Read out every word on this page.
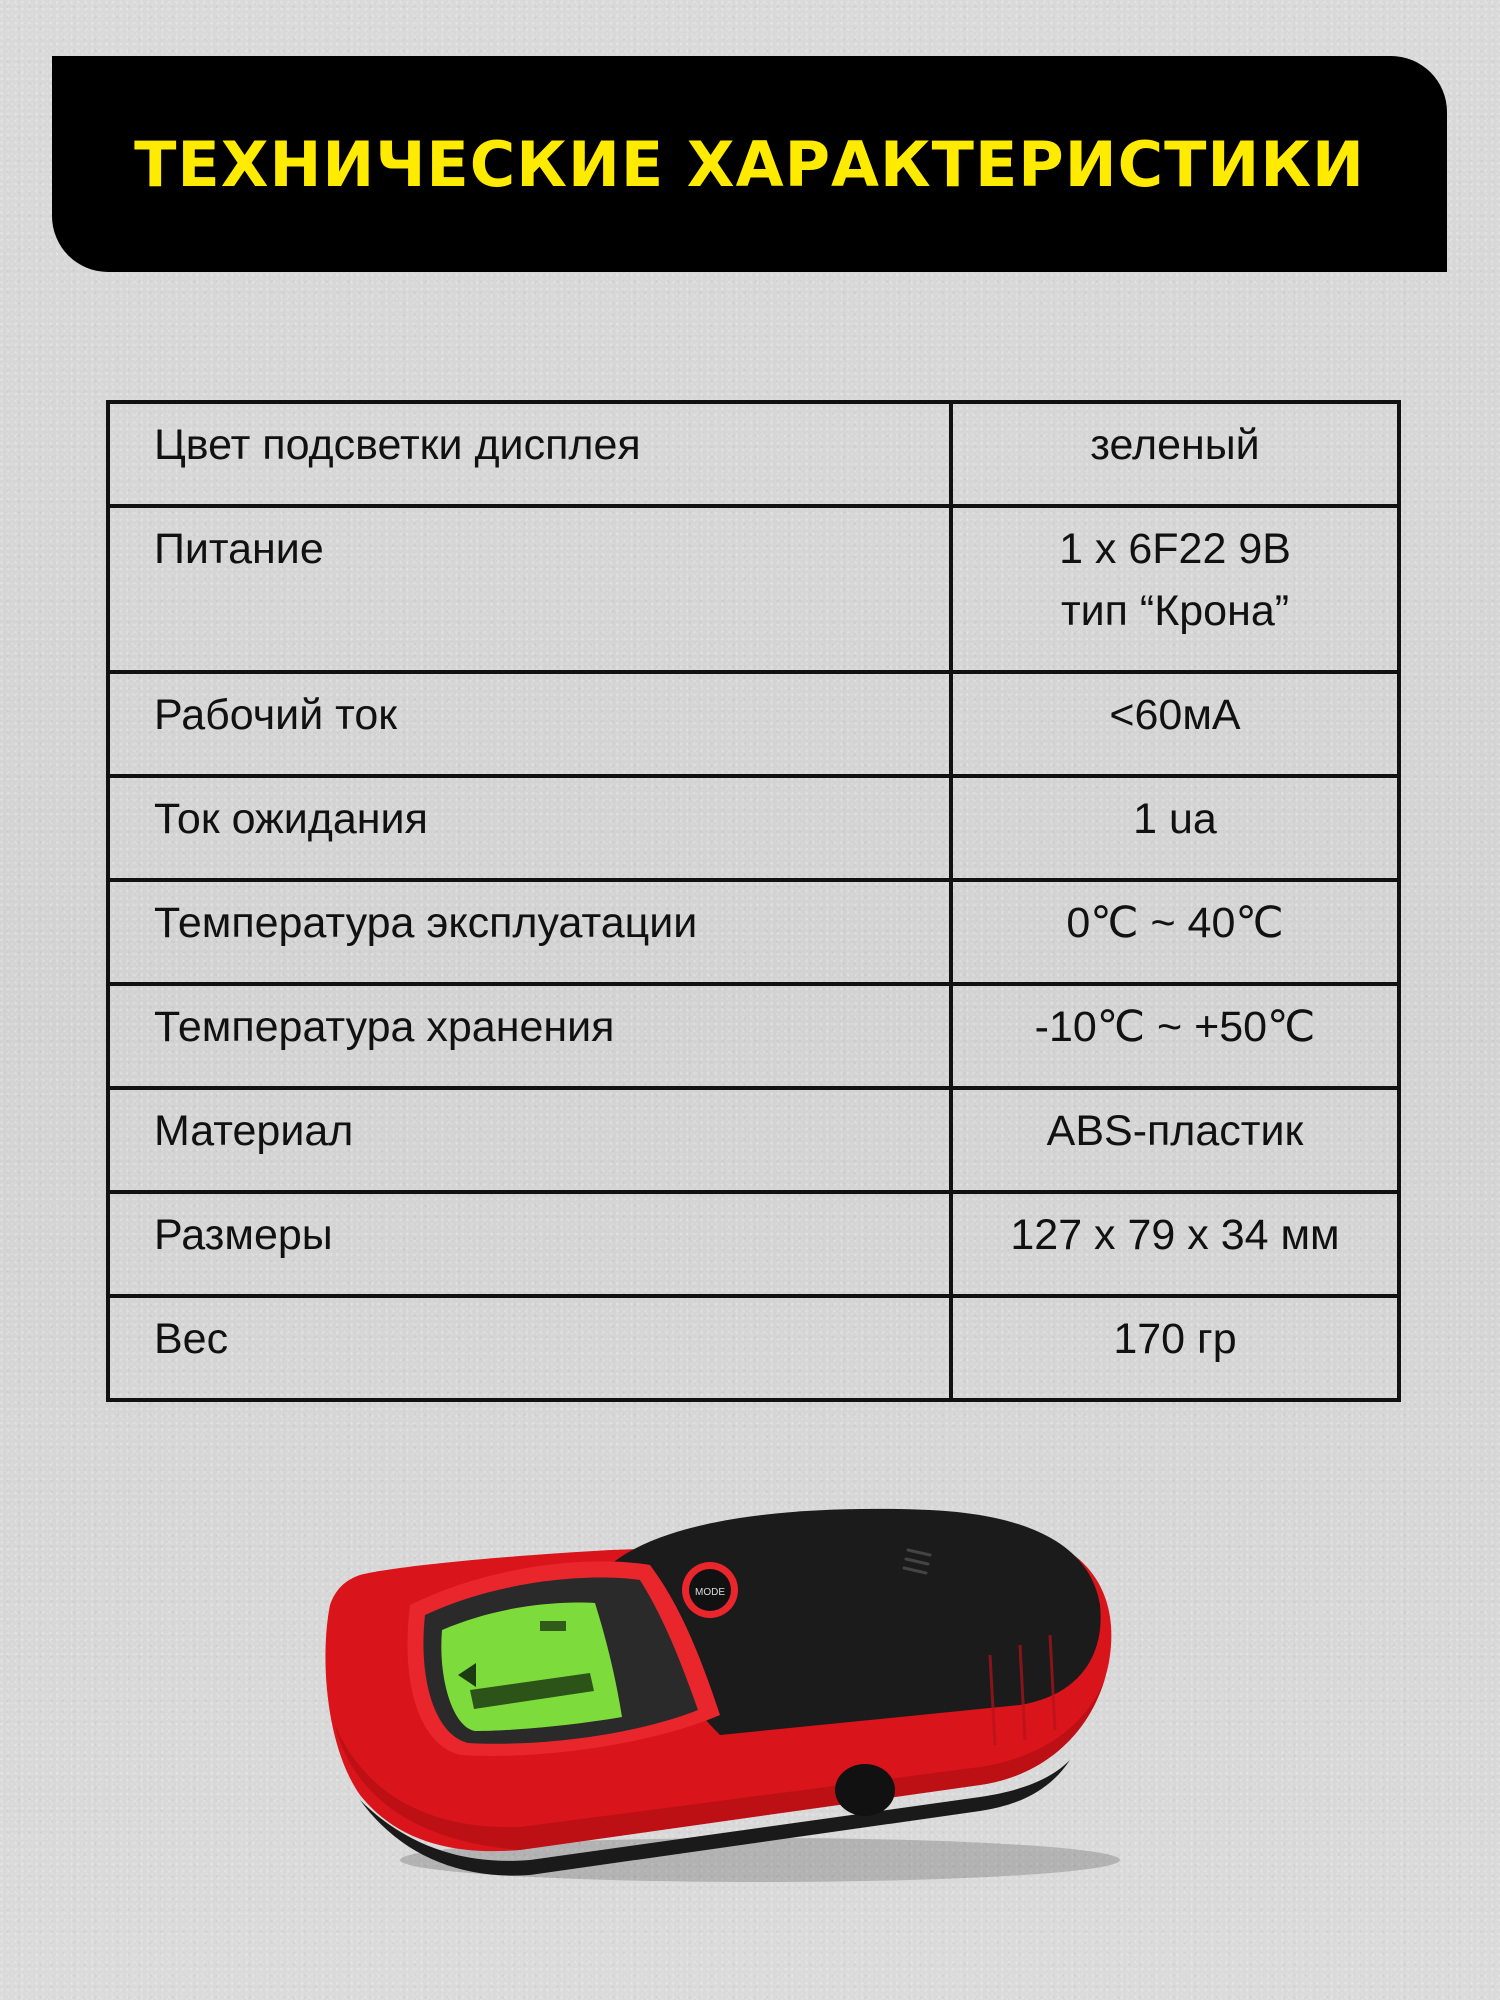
ТЕХНИЧЕСКИЕ ХАРАКТЕРИСТИКИ
Цвет подсветки дисплея	зеленый

Питание	1 х 6F22 9В
тип “Крона”

Рабочий ток	<60мА

Ток ожидания	1 ua

Температура эксплуатации	0℃ ~ 40℃

Температура хранения	-10℃ ~ +50℃

Материал	ABS-пластик

Размеры	127 х 79 х 34 мм

Вес	170 гр
MODE
